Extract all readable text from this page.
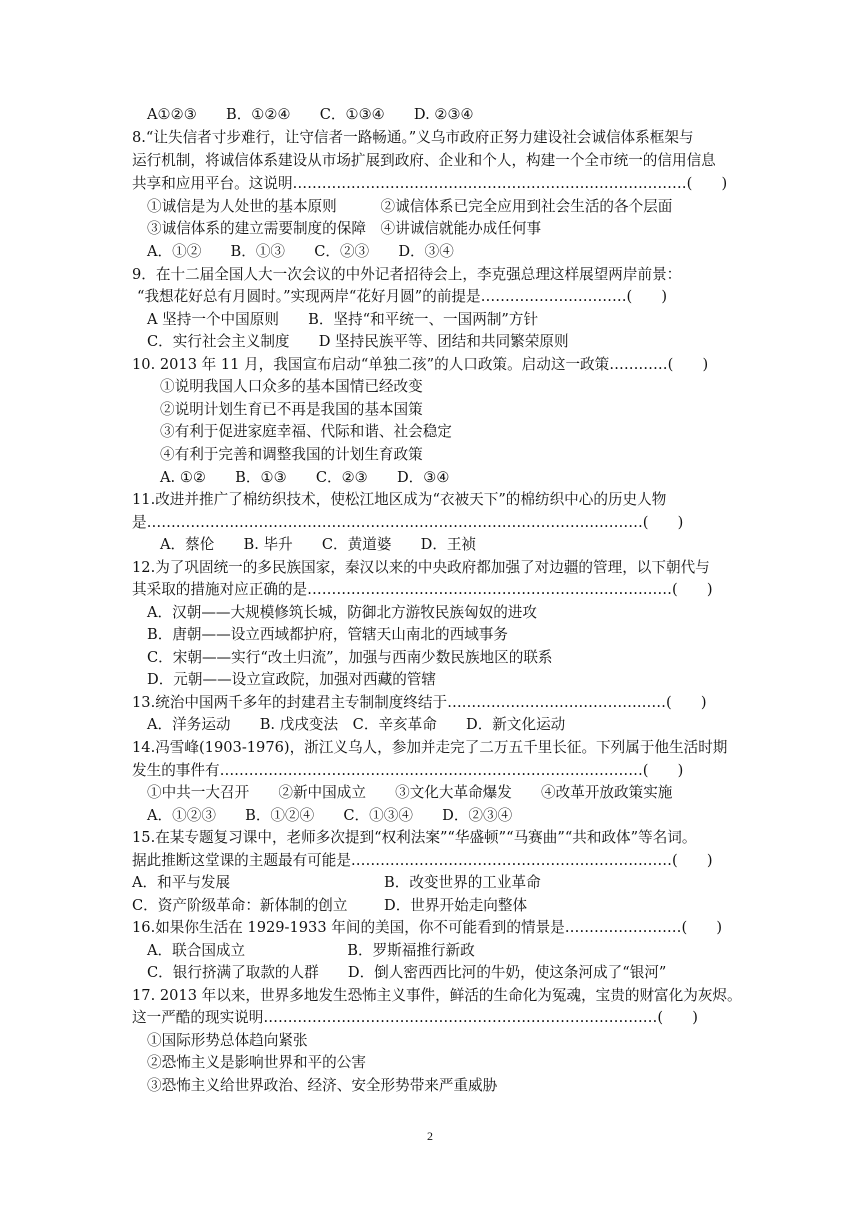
A①②③　　B．①②④　　C．①③④　　D. ②③④
8.“让失信者寸步难行，让守信者一路畅通。”义乌市政府正努力建设社会诚信体系框架与
运行机制，将诚信体系建设从市场扩展到政府、企业和个人，构建一个全市统一的信用信息
共享和应用平台。这说明………………………………………………………………………(　　)
①诚信是为人处世的基本原则　　　②诚信体系已完全应用到社会生活的各个层面
③诚信体系的建立需要制度的保障　④讲诚信就能办成任何事
A．①②　　B．①③　　C．②③　　D．③④
9．在十二届全国人大一次会议的中外记者招待会上，李克强总理这样展望两岸前景：
“我想花好总有月圆时。”实现两岸“花好月圆”的前提是…………………………(　　)
A 坚持一个中国原则　　B．坚持“和平统一、一国两制”方针
C．实行社会主义制度　　D 坚持民族平等、团结和共同繁荣原则
10. 2013 年 11 月，我国宣布启动“单独二孩”的人口政策。启动这一政策…………(　　)
①说明我国人口众多的基本国情已经改变
②说明计划生育已不再是我国的基本国策
③有利于促进家庭幸福、代际和谐、社会稳定
④有利于完善和调整我国的计划生育政策
A. ①②　　B．①③　　C．②③　　D．③④
11.改进并推广了棉纺织技术，使松江地区成为“衣被天下”的棉纺织中心的历史人物
是…………………………………………………………………………………………(　　)
A．蔡伦　　B. 毕升　　C．黄道婆　　D．王祯
12.为了巩固统一的多民族国家，秦汉以来的中央政府都加强了对边疆的管理，以下朝代与
其采取的措施对应正确的是…………………………………………………………………(　　)
A．汉朝——大规模修筑长城，防御北方游牧民族匈奴的进攻
B．唐朝——设立西域都护府，管辖天山南北的西域事务
C．宋朝——实行“改土归流”，加强与西南少数民族地区的联系
D．元朝——设立宣政院，加强对西藏的管辖
13.统治中国两千多年的封建君主专制制度终结于………………………………………(　　)
A．洋务运动　　B. 戊戌变法　C．辛亥革命　　D．新文化运动
14.冯雪峰(1903-1976)，浙江义乌人，参加并走完了二万五千里长征。下列属于他生活时期
发生的事件有……………………………………………………………………………(　　)
①中共一大召开　　②新中国成立　　③文化大革命爆发　　④改革开放政策实施
A．①②③　　B．①②④　　C．①③④　　D．②③④
15.在某专题复习课中，老师多次提到“权利法案”“华盛顿”“马赛曲”“共和政体”等名词。
据此推断这堂课的主题最有可能是…………………………………………………………(　　)
A．和平与发展	B．改变世界的工业革命
C．资产阶级革命：新体制的创立	D．世界开始走向整体
16.如果你生活在 1929-1933 年间的美国，你不可能看到的情景是……………………(　　)
A．联合国成立　　　　　　　B．罗斯福推行新政
C．银行挤满了取款的人群　　D．倒人密西西比河的牛奶，使这条河成了“银河”
17. 2013 年以来，世界多地发生恐怖主义事件，鲜活的生命化为冤魂，宝贵的财富化为灰烬。
这一严酷的现实说明………………………………………………………………………(　　)
①国际形势总体趋向紧张
②恐怖主义是影响世界和平的公害
③恐怖主义给世界政治、经济、安全形势带来严重威胁
2
